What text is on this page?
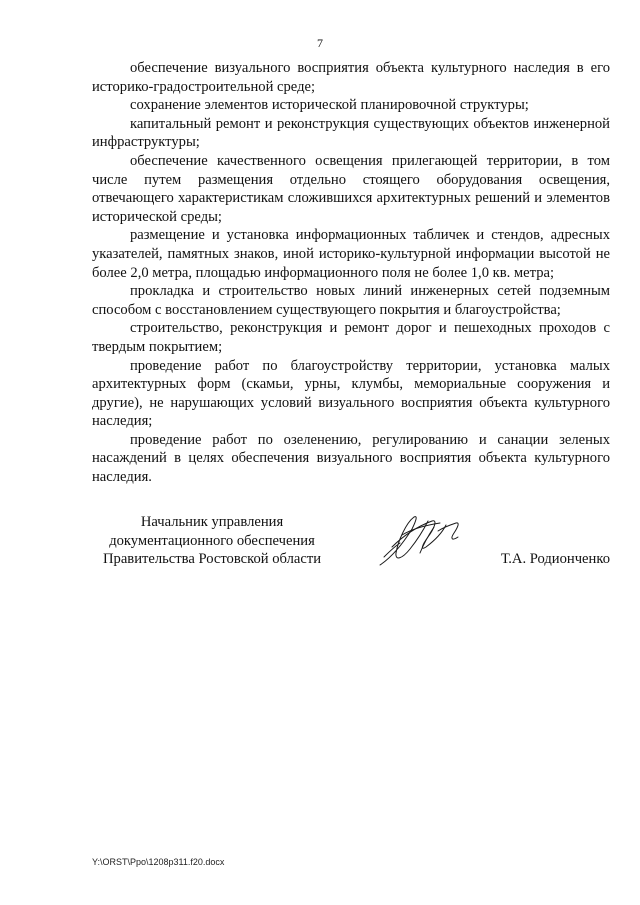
7

обеспечение визуального восприятия объекта культурного наследия в его историко-градостроительной среде;

сохранение элементов исторической планировочной структуры;

капитальный ремонт и реконструкция существующих объектов инженерной инфраструктуры;

обеспечение качественного освещения прилегающей территории, в том числе путем размещения отдельно стоящего оборудования освещения, отвечающего характеристикам сложившихся архитектурных решений и элементов исторической среды;

размещение и установка информационных табличек и стендов, адресных указателей, памятных знаков, иной историко-культурной информации высотой не более 2,0 метра, площадью информационного поля не более 1,0 кв. метра;

прокладка и строительство новых линий инженерных сетей подземным способом с восстановлением существующего покрытия и благоустройства;

строительство, реконструкция и ремонт дорог и пешеходных проходов с твердым покрытием;

проведение работ по благоустройству территории, установка малых архитектурных форм (скамьи, урны, клумбы, мемориальные сооружения и другие), не нарушающих условий визуального восприятия объекта культурного наследия;

проведение работ по озеленению, регулированию и санации зеленых насаждений в целях обеспечения визуального восприятия объекта культурного наследия.

Начальник управления
документационного обеспечения
Правительства Ростовской области	Т.А. Родионченко
Y:\ORST\Ppo\1208p311.f20.docx
